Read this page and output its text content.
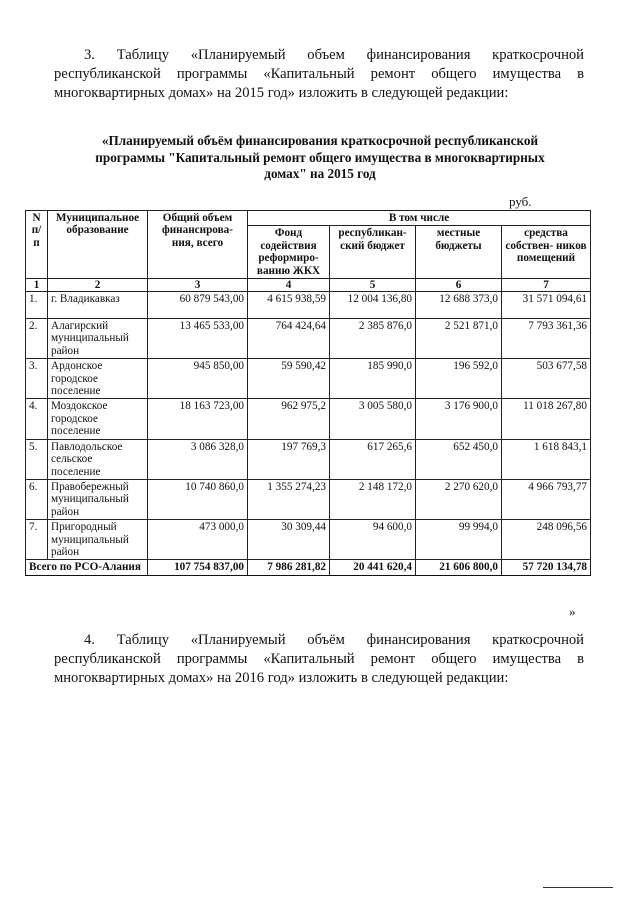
3. Таблицу «Планируемый объем финансирования краткосрочной республиканской программы «Капитальный ремонт общего имущества в многоквартирных домах» на 2015 год» изложить в следующей редакции:

«Планируемый объём финансирования краткосрочной республиканской
программы "Капитальный ремонт общего имущества в многоквартирных
домах" на 2015 год
руб.
N п/ п	Муниципальное образование	Общий объем финансирова- ния, всего	В том числе			
			Фонд содействия реформиро- ванию ЖКХ	республикан- ский бюджет	местные бюджеты	средства собствен- ников помещений
1	2	3	4	5	6	7
1.	г. Владикавказ	60 879 543,00	4 615 938,59	12 004 136,80	12 688 373,0	31 571 094,61
2.	Алагирский муниципальный район	13 465 533,00	764 424,64	2 385 876,0	2 521 871,0	7 793 361,36
3.	Ардонское городское поселение	945 850,00	59 590,42	185 990,0	196 592,0	503 677,58
4.	Моздокское городское поселение	18 163 723,00	962 975,2	3 005 580,0	3 176 900,0	11 018 267,80
5.	Павлодольское сельское поселение	3 086 328,0	197 769,3	617 265,6	652 450,0	1 618 843,1
6.	Правобережный муниципальный район	10 740 860,0	1 355 274,23	2 148 172,0	2 270 620,0	4 966 793,77
7.	Пригородный муниципальный район	473 000,0	30 309,44	94 600,0	99 994,0	248 096,56
Всего по РСО-Алания		107 754 837,00	7 986 281,82	20 441 620,4	21 606 800,0	57 720 134,78
»

4. Таблицу «Планируемый объём финансирования краткосрочной республиканской программы «Капитальный ремонт общего имущества в многоквартирных домах» на 2016 год» изложить в следующей редакции:
